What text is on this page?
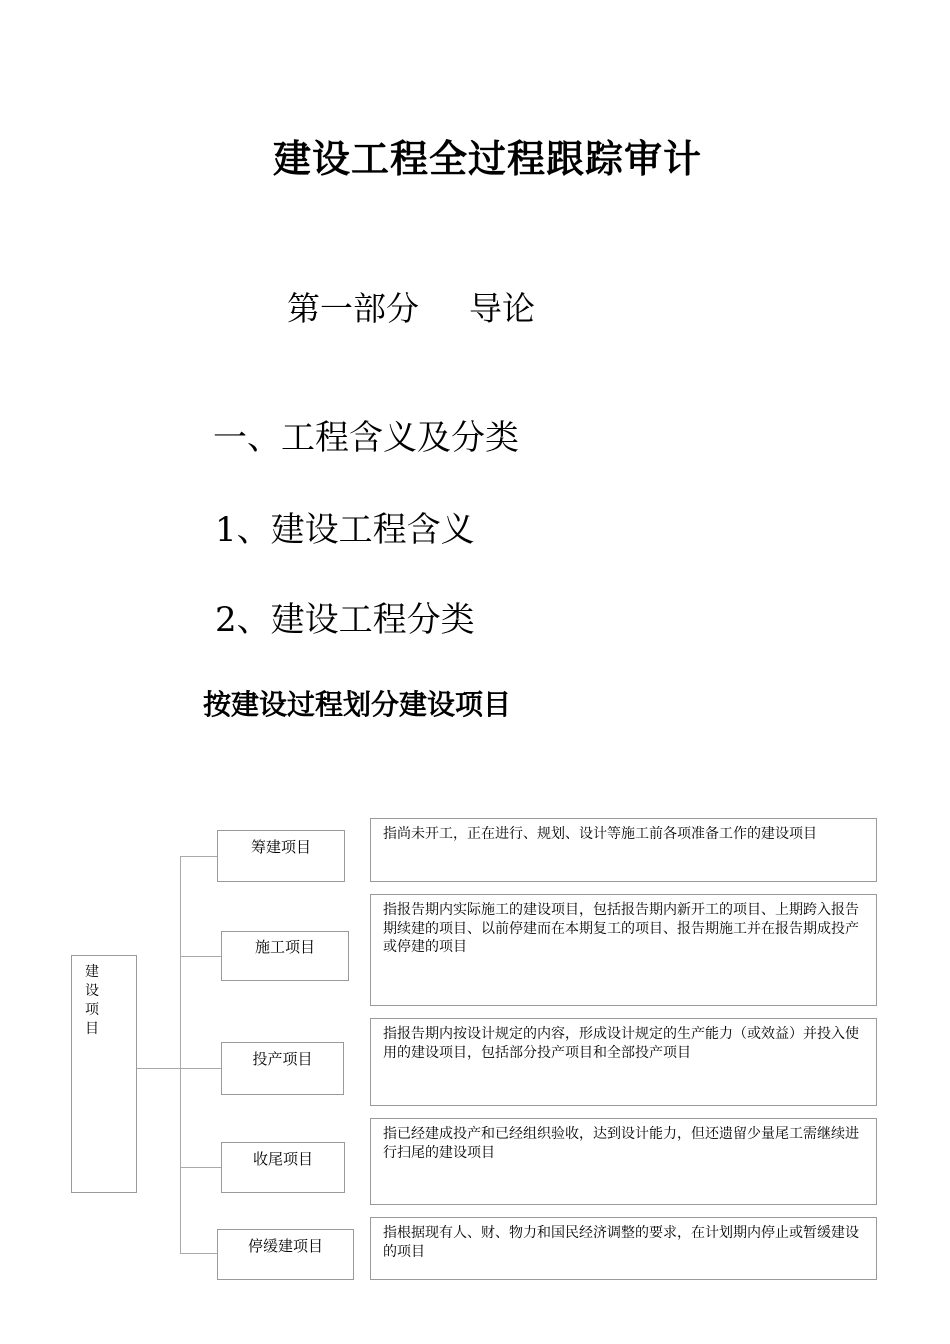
建设工程全过程跟踪审计
第一部分 导论
一、工程含义及分类
1、建设工程含义
2、建设工程分类
按建设过程划分建设项目
建 设 项 目
筹建项目
施工项目
投产项目
收尾项目
停缓建项目
指尚未开工，正在进行、规划、设计等施工前各项准备工作的建设项目
指报告期内实际施工的建设项目，包括报告期内新开工的项目、上期跨入报告期续建的项目、以前停建而在本期复工的项目、报告期施工并在报告期成投产或停建的项目
指报告期内按设计规定的内容，形成设计规定的生产能力（或效益）并投入使用的建设项目，包括部分投产项目和全部投产项目
指已经建成投产和已经组织验收，达到设计能力，但还遗留少量尾工需继续进行扫尾的建设项目
指根据现有人、财、物力和国民经济调整的要求，在计划期内停止或暂缓建设的项目
